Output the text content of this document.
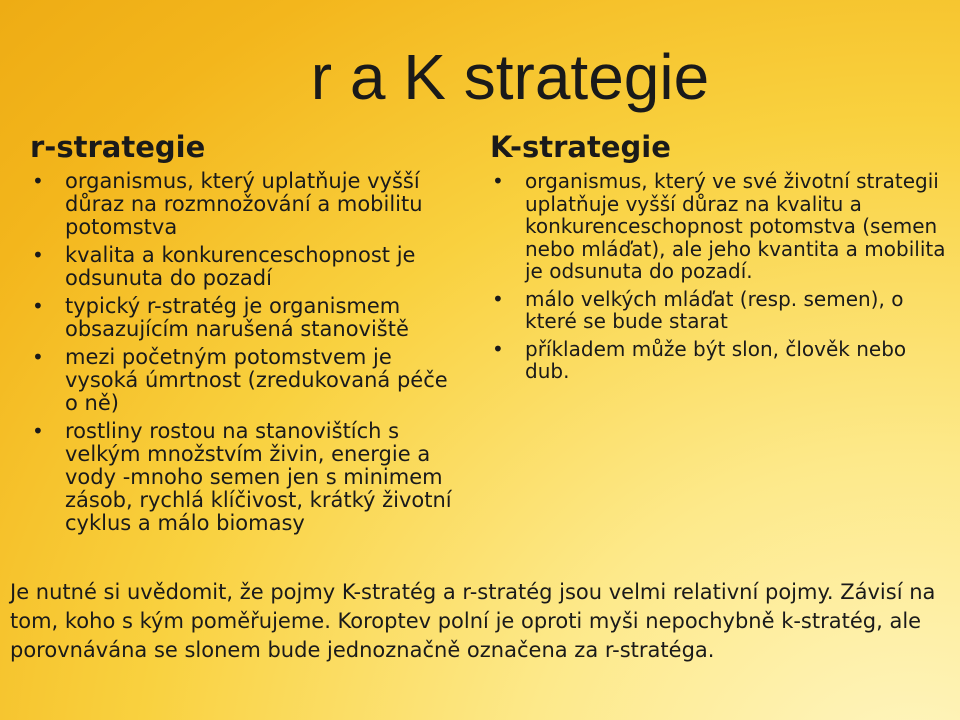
r a K strategie
r-strategie
• organismus, který uplatňuje vyšší důraz na rozmnožování a mobilitu potomstva
• kvalita a konkurenceschopnost je odsunuta do pozadí
• typický r-stratég je organismem obsazujícím narušená stanoviště
• mezi početným potomstvem je vysoká úmrtnost (zredukovaná péče o ně)
• rostliny rostou na stanovištích s velkým množstvím živin, energie a vody -mnoho semen jen s minimem zásob, rychlá klíčivost, krátký životní cyklus a málo biomasy
K-strategie
• organismus, který ve své životní strategii uplatňuje vyšší důraz na kvalitu a konkurenceschopnost potomstva (semen nebo mláďat), ale jeho kvantita a mobilita je odsunuta do pozadí.
• málo velkých mláďat (resp. semen), o které se bude starat
• příkladem může být slon, člověk nebo dub.

Je nutné si uvědomit, že pojmy K-stratég a r-stratég jsou velmi relativní pojmy. Závisí na tom, koho s kým poměřujeme. Koroptev polní je oproti myši nepochybně k-stratég, ale porovnávána se slonem bude jednoznačně označena za r-stratéga.
